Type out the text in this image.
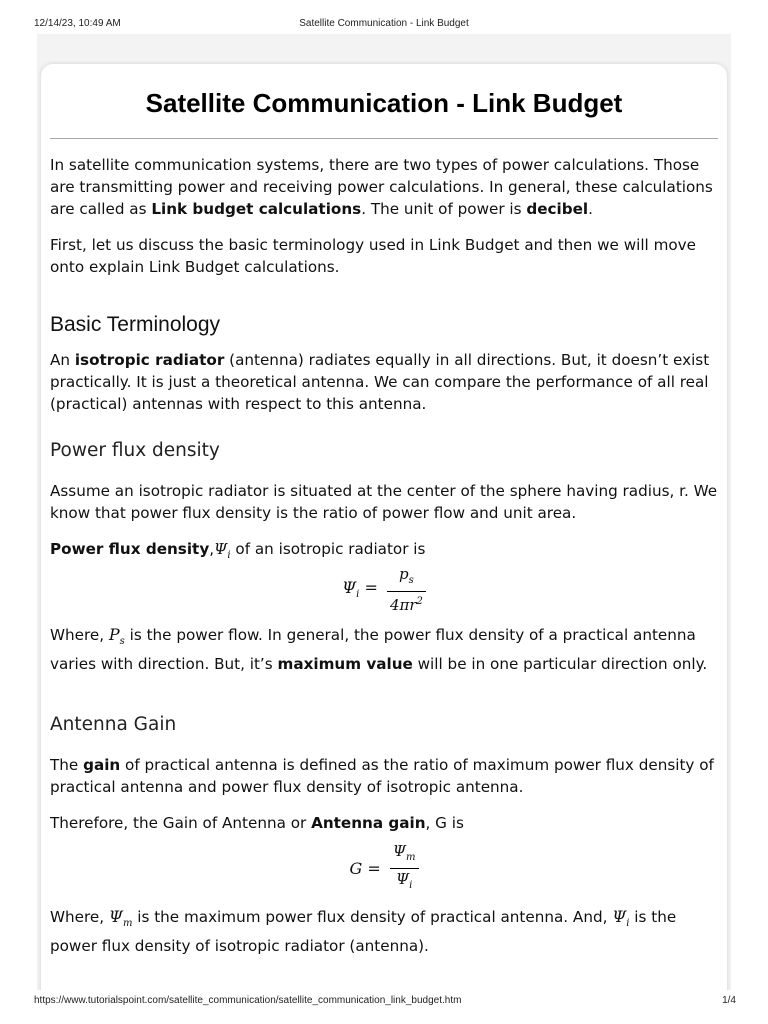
12/14/23, 10:49 AM	Satellite Communication - Link Budget
Satellite Communication - Link Budget

In satellite communication systems, there are two types of power calculations. Those are transmitting power and receiving power calculations. In general, these calculations are called as Link budget calculations. The unit of power is decibel.

First, let us discuss the basic terminology used in Link Budget and then we will move onto explain Link Budget calculations.

Basic Terminology

An isotropic radiator (antenna) radiates equally in all directions. But, it doesn’t exist practically. It is just a theoretical antenna. We can compare the performance of all real (practical) antennas with respect to this antenna.

Power flux density

Assume an isotropic radiator is situated at the center of the sphere having radius, r. We know that power flux density is the ratio of power flow and unit area.

Power flux $density,\Psi_i$ of an isotropic radiator is

$\Psi_i = \frac{p_s}{4\pi r^2}$

Where, $P_s$ is the power flow. In general, the power flux density of a practical antenna varies with direction. But, it’s maximum value will be in one particular direction only.

Antenna Gain

The gain of practical antenna is defined as the ratio of maximum power flux density of practical antenna and power flux density of isotropic antenna.

Therefore, the Gain of Antenna or Antenna gain, G is

$G = \frac{\Psi_m}{\Psi_i}$

Where, $\Psi_m$ is the maximum power flux density of practical antenna. And, $\Psi_i$ is the power flux density of isotropic radiator (antenna).

https://www.tutorialspoint.com/satellite_communication/satellite_communication_link_budget.htm	1/4
